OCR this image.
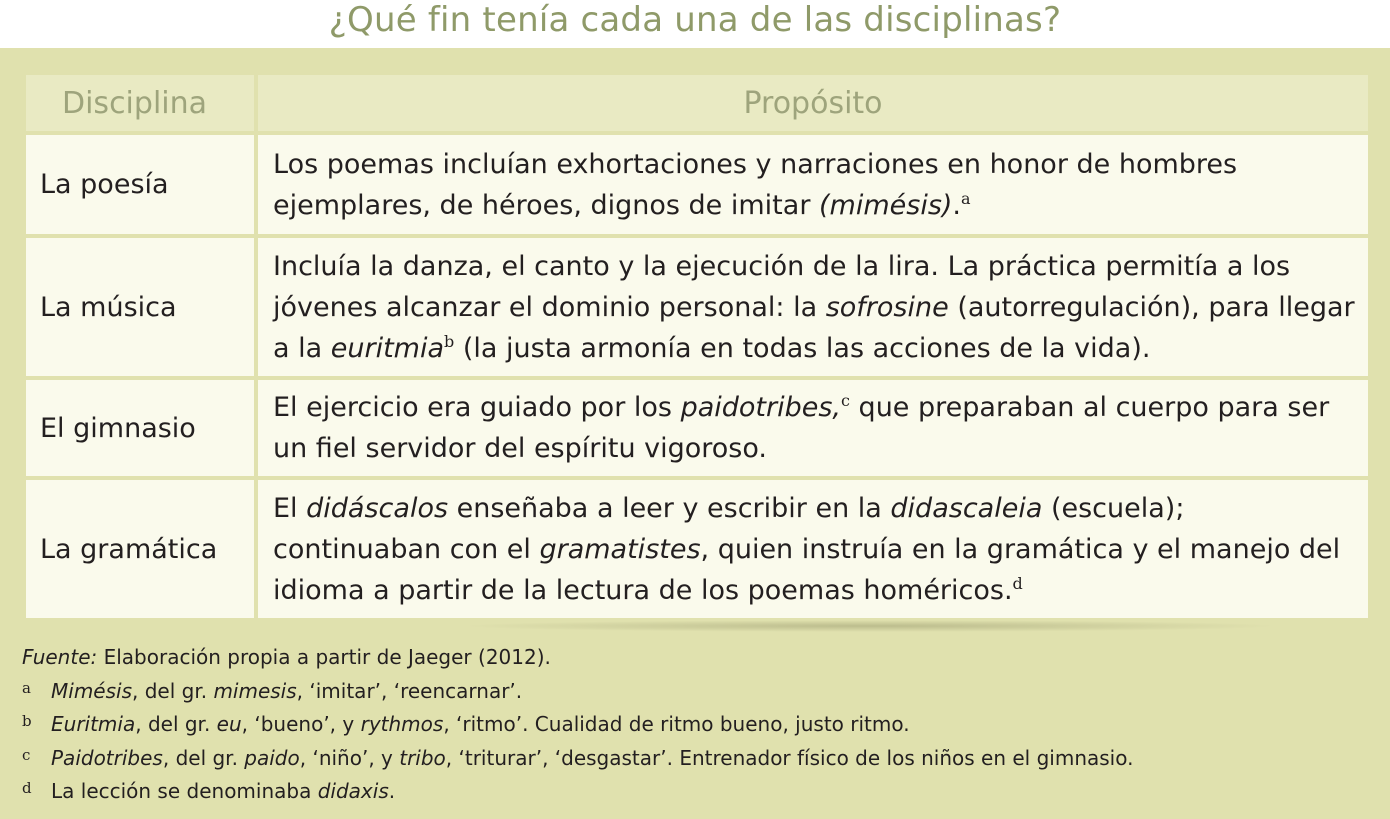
¿Qué fin tenía cada una de las disciplinas?
Disciplina	Propósito
La poesía	Los poemas incluían exhortaciones y narraciones en honor de hombres ejemplares, de héroes, dignos de imitar (mimésis).$^a$
La música	Incluía la danza, el canto y la ejecución de la lira. La práctica permitía a los jóvenes alcanzar el dominio personal: la sofrosine (autorregulación), para llegar a la euritmia$^b$ (la justa armonía en todas las acciones de la vida).
El gimnasio	El ejercicio era guiado por los paidotribes,$^c$ que preparaban al cuerpo para ser un fiel servidor del espíritu vigoroso.
La gramática	El didáscalos enseñaba a leer y escribir en la didascaleia (escuela); continuaban con el gramatistes, quien instruía en la gramática y el manejo del idioma a partir de la lectura de los poemas homéricos.$^d$
Fuente: Elaboración propia a partir de Jaeger (2012).
a Mimésis, del gr. mimesis, ‘imitar’, ‘reencarnar’.
b Euritmia, del gr. eu, ‘bueno’, y rythmos, ‘ritmo’. Cualidad de ritmo bueno, justo ritmo.
c Paidotribes, del gr. paido, ‘niño’, y tribo, ‘triturar’, ‘desgastar’. Entrenador físico de los niños en el gimnasio.
d La lección se denominaba didaxis.
